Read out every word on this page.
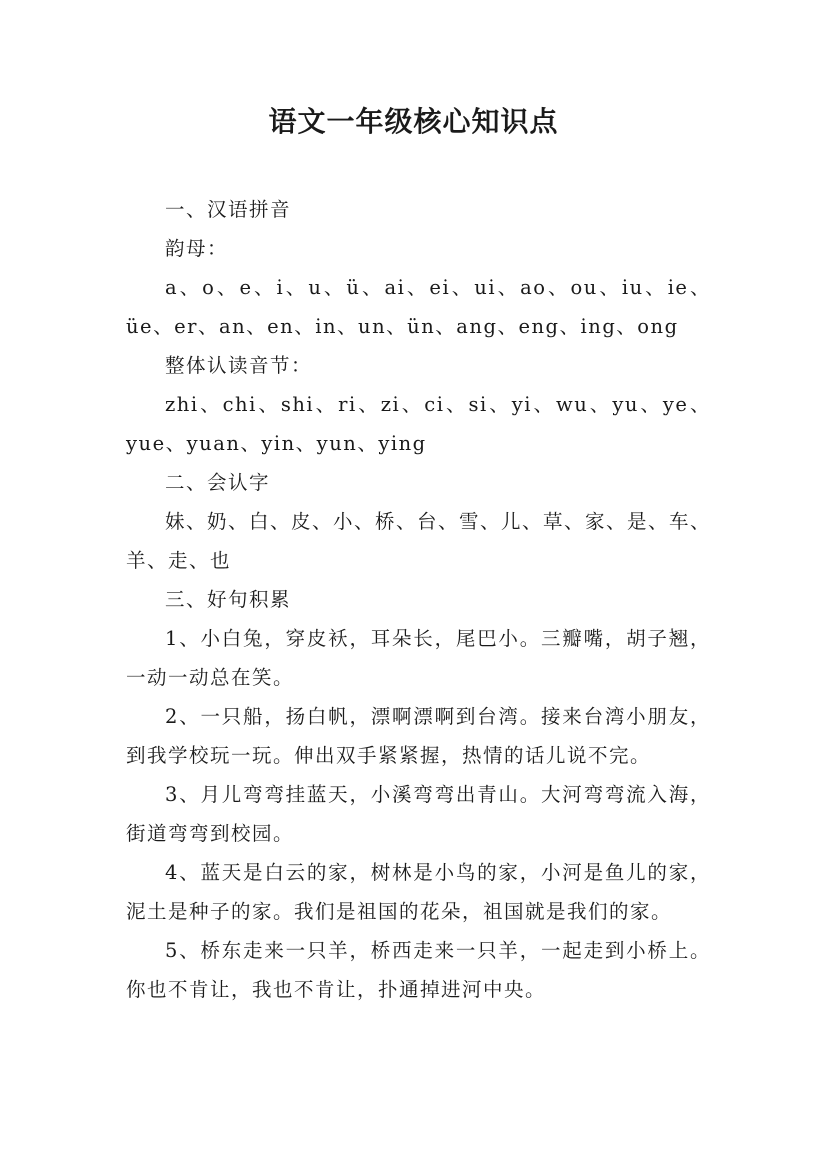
语文一年级核心知识点

一、汉语拼音

韵母：

a、o、e、i、u、ü、ai、ei、ui、ao、ou、iu、ie、üe、er、an、en、in、un、ün、ang、eng、ing、ong

整体认读音节：

zhi、chi、shi、ri、zi、ci、si、yi、wu、yu、ye、yue、yuan、yin、yun、ying

二、会认字

妹、奶、白、皮、小、桥、台、雪、儿、草、家、是、车、羊、走、也

三、好句积累

1、小白兔，穿皮袄，耳朵长，尾巴小。三瓣嘴，胡子翘，一动一动总在笑。

2、一只船，扬白帆，漂啊漂啊到台湾。接来台湾小朋友，到我学校玩一玩。伸出双手紧紧握，热情的话儿说不完。

3、月儿弯弯挂蓝天，小溪弯弯出青山。大河弯弯流入海，街道弯弯到校园。

4、蓝天是白云的家，树林是小鸟的家，小河是鱼儿的家，泥土是种子的家。我们是祖国的花朵，祖国就是我们的家。

5、桥东走来一只羊，桥西走来一只羊，一起走到小桥上。你也不肯让，我也不肯让，扑通掉进河中央。
